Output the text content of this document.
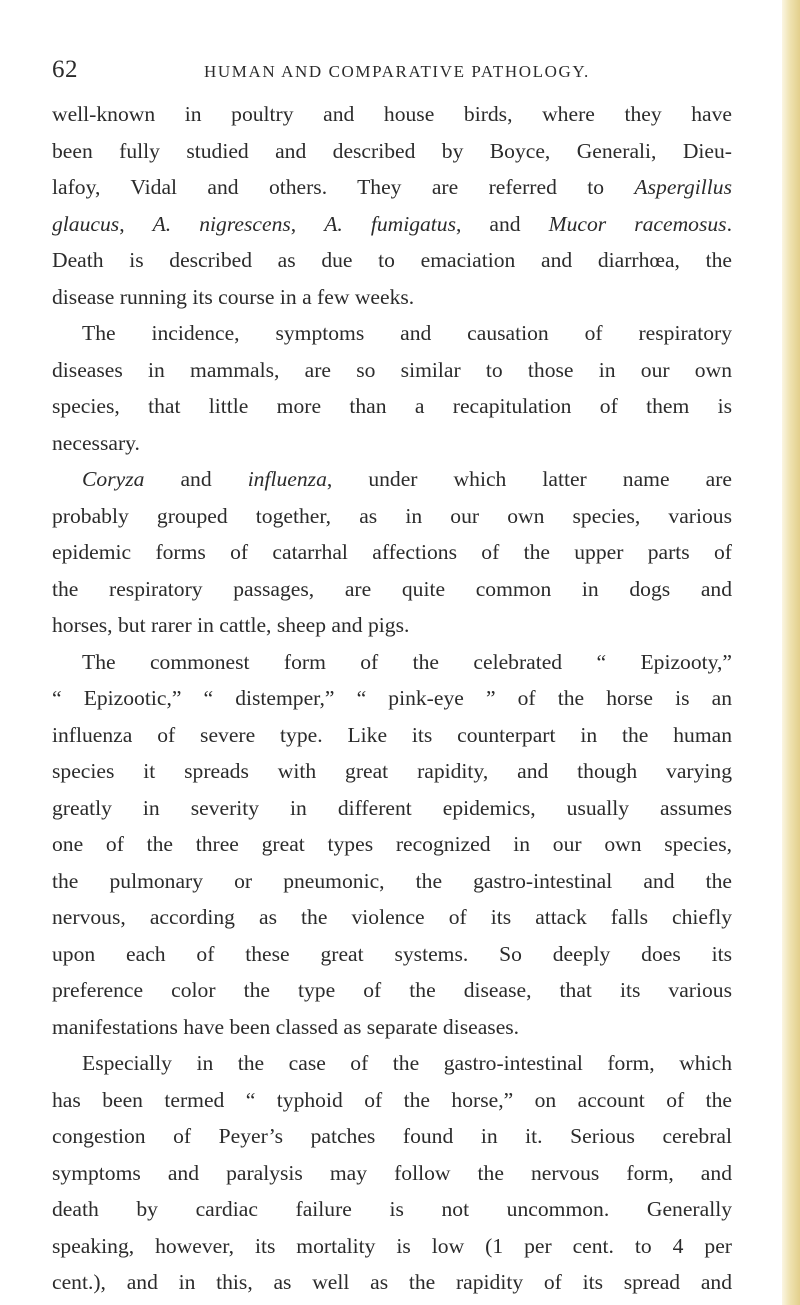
62	HUMAN AND COMPARATIVE PATHOLOGY.
well-known in poultry and house birds, where they have
been fully studied and described by Boyce, Generali, Dieu-
lafoy, Vidal and others. They are referred to Aspergillus
glaucus, A. nigrescens, A. fumigatus, and Mucor racemosus.
Death is described as due to emaciation and diarrhœa, the
disease running its course in a few weeks.
The incidence, symptoms and causation of respiratory
diseases in mammals, are so similar to those in our own
species, that little more than a recapitulation of them is
necessary.
Coryza and influenza, under which latter name are
probably grouped together, as in our own species, various
epidemic forms of catarrhal affections of the upper parts of
the respiratory passages, are quite common in dogs and
horses, but rarer in cattle, sheep and pigs.
The commonest form of the celebrated “ Epizooty,”
“ Epizootic,” “ distemper,” “ pink-eye ” of the horse is an
influenza of severe type. Like its counterpart in the human
species it spreads with great rapidity, and though varying
greatly in severity in different epidemics, usually assumes
one of the three great types recognized in our own species,
the pulmonary or pneumonic, the gastro-intestinal and the
nervous, according as the violence of its attack falls chiefly
upon each of these great systems. So deeply does its
preference color the type of the disease, that its various
manifestations have been classed as separate diseases.
Especially in the case of the gastro-intestinal form, which
has been termed “ typhoid of the horse,” on account of the
congestion of Peyer’s patches found in it. Serious cerebral
symptoms and paralysis may follow the nervous form, and
death by cardiac failure is not uncommon. Generally
speaking, however, its mortality is low (1 per cent. to 4 per
cent.), and in this, as well as the rapidity of its spread and
